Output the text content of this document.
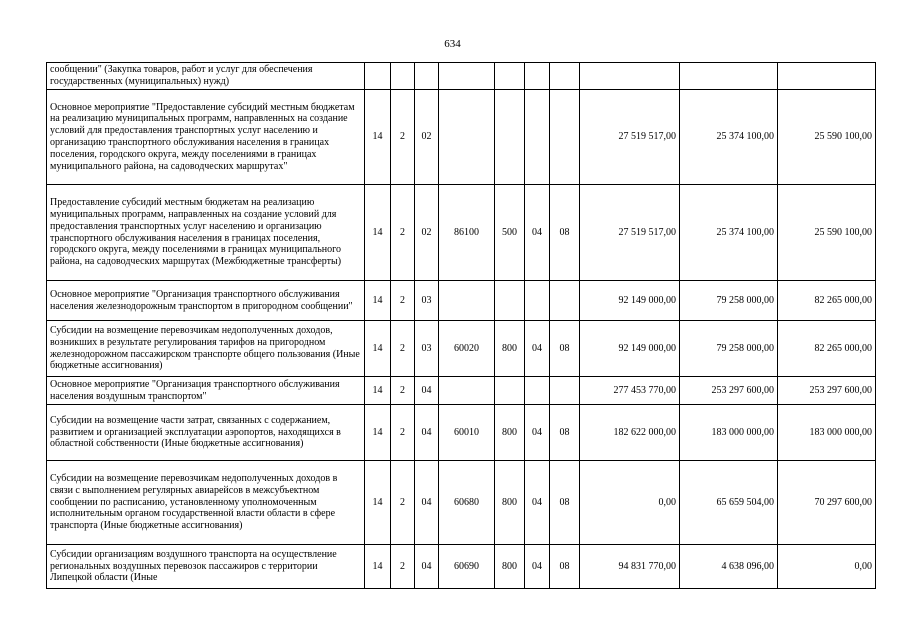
634
сообщении" (Закупка товаров, работ и услуг для обеспечения государственных (муниципальных) нужд)										
Основное мероприятие "Предоставление субсидий местным бюджетам на реализацию муниципальных программ, направленных на создание условий для предоставления транспортных услуг населению и организацию транспортного обслуживания населения в границах поселения, городского округа, между поселениями в границах муниципального района, на садоводческих маршрутах"	14	2	02					27 519 517,00	25 374 100,00	25 590 100,00
Предоставление субсидий местным бюджетам на реализацию муниципальных программ, направленных на создание условий для предоставления транспортных услуг населению и организацию транспортного обслуживания населения в границах поселения, городского округа, между поселениями в границах муниципального района, на садоводческих маршрутах (Межбюджетные трансферты)	14	2	02	86100	500	04	08	27 519 517,00	25 374 100,00	25 590 100,00
Основное мероприятие "Организация транспортного обслуживания населения железнодорожным транспортом в пригородном сообщении"	14	2	03					92 149 000,00	79 258 000,00	82 265 000,00
Субсидии на возмещение перевозчикам недополученных доходов, возникших в результате регулирования тарифов на пригородном железнодорожном пассажирском транспорте общего пользования (Иные бюджетные ассигнования)	14	2	03	60020	800	04	08	92 149 000,00	79 258 000,00	82 265 000,00
Основное мероприятие "Организация транспортного обслуживания населения воздушным транспортом"	14	2	04					277 453 770,00	253 297 600,00	253 297 600,00
Субсидии на возмещение части затрат, связанных с содержанием, развитием и организацией эксплуатации аэропортов, находящихся в областной собственности (Иные бюджетные ассигнования)	14	2	04	60010	800	04	08	182 622 000,00	183 000 000,00	183 000 000,00
Субсидии на возмещение перевозчикам недополученных доходов в связи с выполнением регулярных авиарейсов в межсубъектном сообщении по расписанию, установленному уполномоченным исполнительным органом государственной власти области в сфере транспорта (Иные бюджетные ассигнования)	14	2	04	60680	800	04	08	0,00	65 659 504,00	70 297 600,00
Субсидии организациям воздушного транспорта на осуществление региональных воздушных перевозок пассажиров с территории Липецкой области (Иные	14	2	04	60690	800	04	08	94 831 770,00	4 638 096,00	0,00
